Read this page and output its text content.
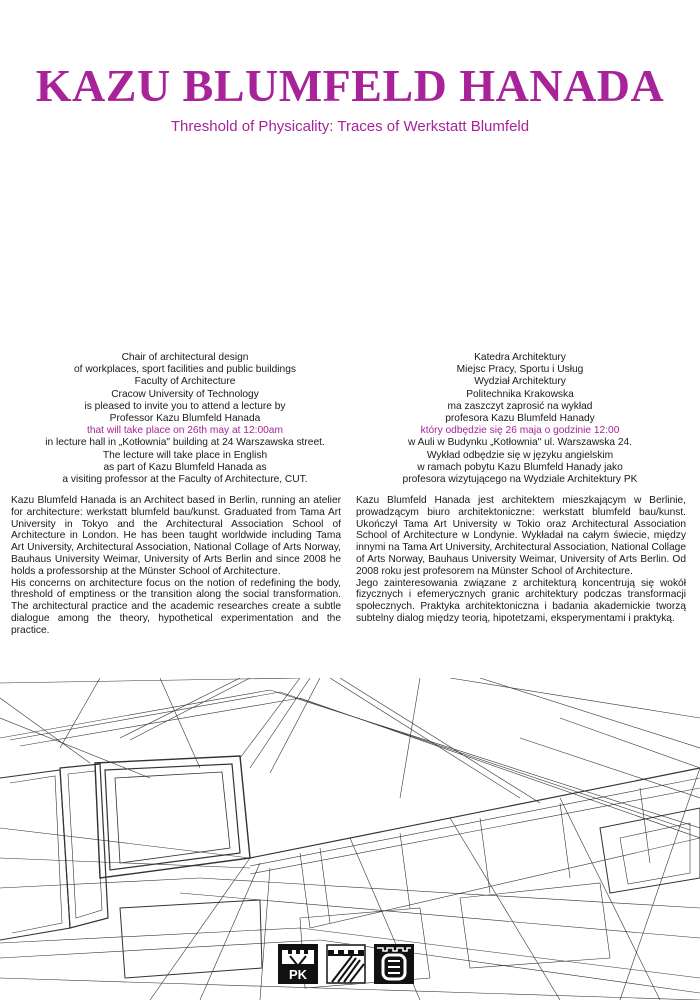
KAZU BLUMFELD HANADA
Threshold of Physicality: Traces of Werkstatt Blumfeld
Chair of architectural design
of workplaces, sport facilities and public buildings
Faculty of Architecture
Cracow University of Technology
is pleased to invite you to attend a lecture by
Professor Kazu Blumfeld Hanada
that will take place on 26th may at 12:00am
in lecture hall in „Kotłownia" building at 24 Warszawska street.
The lecture will take place in English
as part of Kazu Blumfeld Hanada as
a visiting professor at the Faculty of Architecture, CUT.
Katedra Architektury
Miejsc Pracy, Sportu i Usług
Wydział Architektury
Politechnika Krakowska
ma zaszczyt zaprosić na wykład
profesora Kazu Blumfeld Hanady
który odbędzie się 26 maja o godzinie 12:00
w Auli w Budynku „Kotłownia" ul. Warszawska 24.
Wykład odbędzie się w języku angielskim
w ramach pobytu Kazu Blumfeld Hanady jako
profesora wizytującego na Wydziale Architektury PK

Kazu Blumfeld Hanada is an Architect based in Berlin, running an atelier for architecture: werkstatt blumfeld bau/kunst. Graduated from Tama Art University in Tokyo and the Architectural Association School of Architecture in London. He has been taught worldwide including Tama Art University, Architectural Association, National Collage of Arts Norway, Bauhaus University Weimar, University of Arts Berlin and since 2008 he holds a professorship at the Münster School of Architecture.

His concerns on architecture focus on the notion of redefining the body, threshold of emptiness or the transition along the social transformation. The architectural practice and the academic researches create a subtle dialogue among the theory, hypothetical experimentation and the practice.

Kazu Blumfeld Hanada jest architektem mieszkającym w Berlinie, prowadzącym biuro architektoniczne: werkstatt blumfeld bau/kunst. Ukończył Tama Art University w Tokio oraz Architectural Association School of Architecture w Londynie. Wykładał na całym świecie, między innymi na Tama Art University, Architectural Association, National Collage of Arts Norway, Bauhaus University Weimar, University of Arts Berlin. Od 2008 roku jest profesorem na Münster School of Architecture.

Jego zainteresowania związane z architekturą koncentrują się wokół fizycznych i efemerycznych granic architektury podczas transformacji społecznych. Praktyka architektoniczna i badania akademickie tworzą subtelny dialog między teorią, hipotetzami, eksperymentami i praktyką.

PK
